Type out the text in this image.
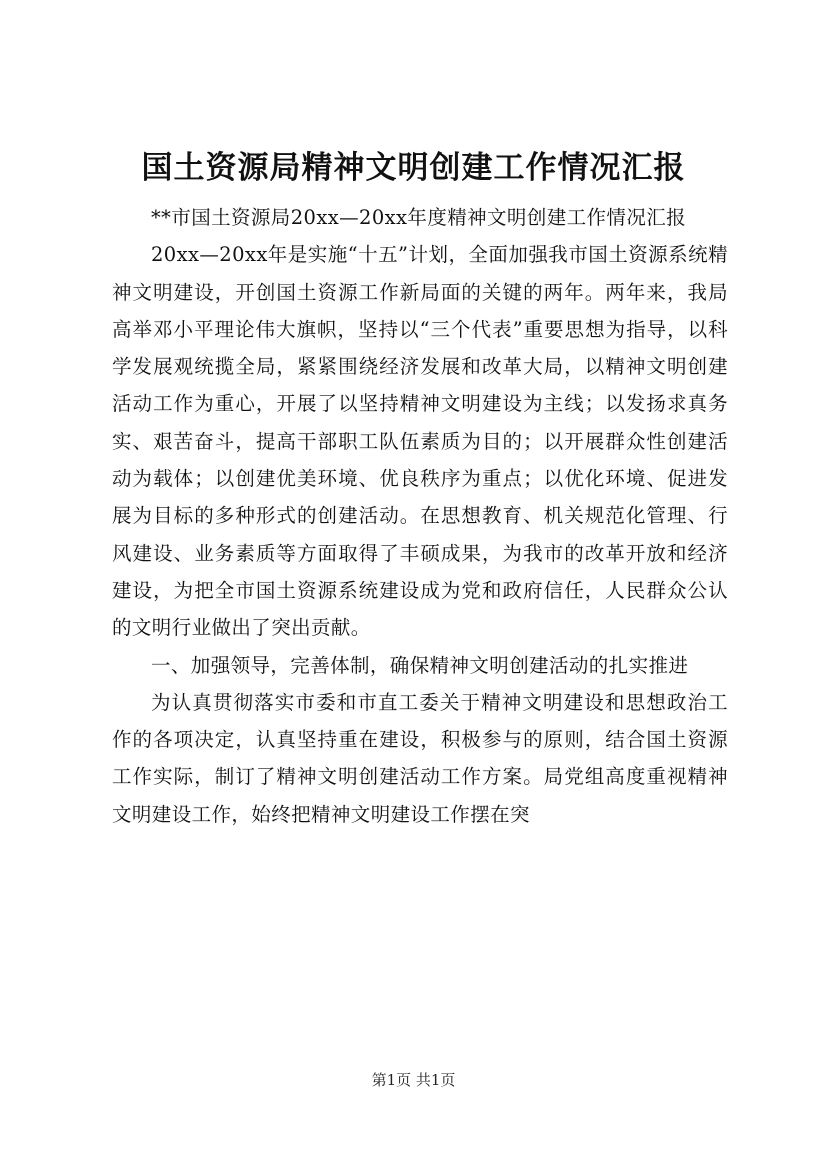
国土资源局精神文明创建工作情况汇报

**市国土资源局20xx—20xx年度精神文明创建工作情况汇报

20xx—20xx年是实施“十五”计划，全面加强我市国土资源系统精神文明建设，开创国土资源工作新局面的关键的两年。两年来，我局高举邓小平理论伟大旗帜，坚持以“三个代表”重要思想为指导，以科学发展观统揽全局，紧紧围绕经济发展和改革大局，以精神文明创建活动工作为重心，开展了以坚持精神文明建设为主线；以发扬求真务实、艰苦奋斗，提高干部职工队伍素质为目的；以开展群众性创建活动为载体；以创建优美环境、优良秩序为重点；以优化环境、促进发展为目标的多种形式的创建活动。在思想教育、机关规范化管理、行风建设、业务素质等方面取得了丰硕成果，为我市的改革开放和经济建设，为把全市国土资源系统建设成为党和政府信任，人民群众公认的文明行业做出了突出贡献。

一、加强领导，完善体制，确保精神文明创建活动的扎实推进

为认真贯彻落实市委和市直工委关于精神文明建设和思想政治工作的各项决定，认真坚持重在建设，积极参与的原则，结合国土资源工作实际，制订了精神文明创建活动工作方案。局党组高度重视精神文明建设工作，始终把精神文明建设工作摆在突

第1页 共1页
